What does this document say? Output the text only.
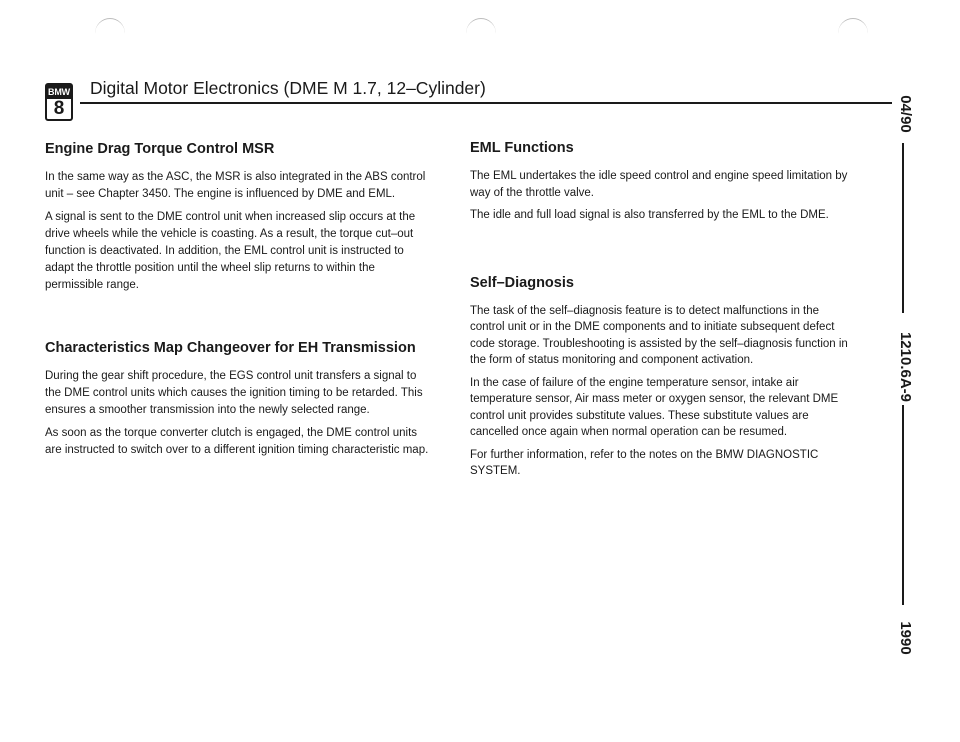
BMW
8
Digital Motor Electronics (DME M 1.7, 12–Cylinder)
Engine Drag Torque Control MSR

In the same way as the ASC, the MSR is also integrated in the ABS control unit – see Chapter 3450. The engine is influenced by DME and EML.

A signal is sent to the DME control unit when increased slip occurs at the drive wheels while the vehicle is coasting. As a result, the torque cut–out function is deactivated. In addition, the EML control unit is instructed to adapt the throttle position until the wheel slip returns to within the permissible range.

Characteristics Map Changeover for EH Transmission

During the gear shift procedure, the EGS control unit transfers a signal to the DME control units which causes the ignition timing to be retarded. This ensures a smoother transmission into the newly selected range.

As soon as the torque converter clutch is engaged, the DME control units are instructed to switch over to a different ignition timing characteristic map.

EML Functions

The EML undertakes the idle speed control and engine speed limitation by way of the throttle valve.

The idle and full load signal is also transferred by the EML to the DME.

Self–Diagnosis

The task of the self–diagnosis feature is to detect malfunctions in the control unit or in the DME components and to initiate subsequent defect code storage. Troubleshooting is assisted by the self–diagnosis function in the form of status monitoring and component activation.

In the case of failure of the engine temperature sensor, intake air temperature sensor, Air mass meter or oxygen sensor, the relevant DME control unit provides substitute values. These substitute values are cancelled once again when normal operation can be resumed.

For further information, refer to the notes on the BMW DIAGNOSTIC SYSTEM.

04/90
1210.6A-9
1990
